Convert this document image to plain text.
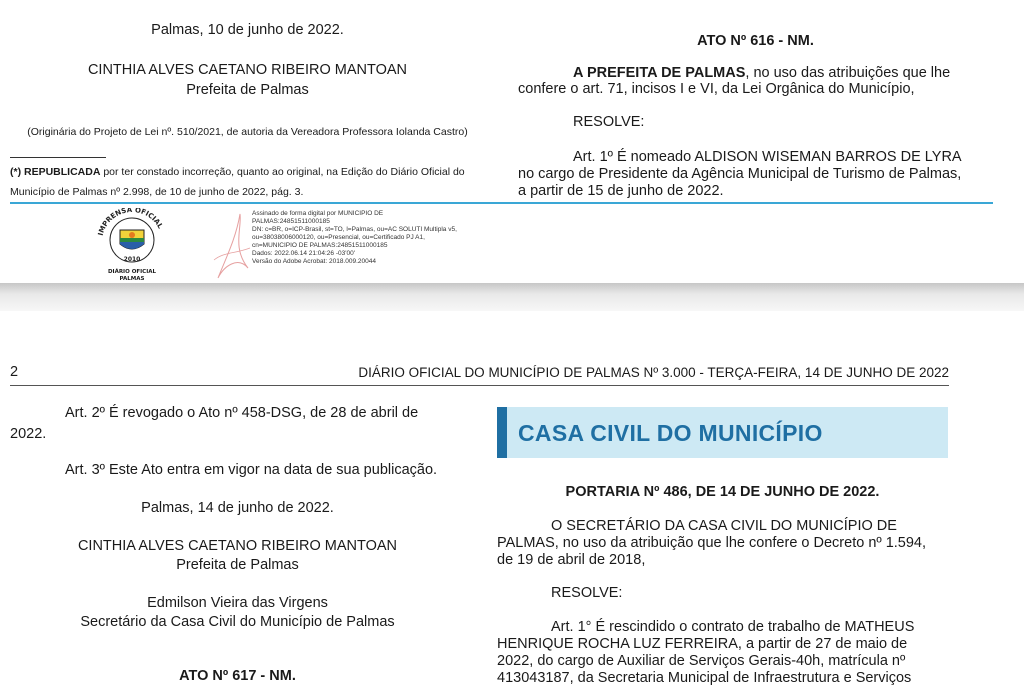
Palmas, 10 de junho de 2022.
CINTHIA ALVES CAETANO RIBEIRO MANTOAN
Prefeita de Palmas
(Originária do Projeto de Lei nº. 510/2021, de autoria da Vereadora Professora Iolanda Castro)
(*) REPUBLICADA por ter constado incorreção, quanto ao original, na Edição do Diário Oficial do
Município de Palmas nº 2.998, de 10 de junho de 2022, pág. 3.
ATO Nº 616 - NM.
A PREFEITA DE PALMAS, no uso das atribuições que lhe
confere o art. 71, incisos I e VI, da Lei Orgânica do Município,
RESOLVE:
Art. 1º É nomeado ALDISON WISEMAN BARROS DE LYRA
no cargo de Presidente da Agência Municipal de Turismo de Palmas,
a partir de 15 de junho de 2022.
IMPRENSA OFICIAL
2010
DIÁRIO OFICIAL
PALMAS
Assinado de forma digital por MUNICIPIO DE
PALMAS:24851511000185
DN: c=BR, o=ICP-Brasil, st=TO, l=Palmas, ou=AC SOLUTI Multipla v5,
ou=38038006000120, ou=Presencial, ou=Certificado PJ A1,
cn=MUNICIPIO DE PALMAS:24851511000185
Dados: 2022.06.14 21:04:26 -03'00'
Versão do Adobe Acrobat: 2018.009.20044
2	DIÁRIO OFICIAL DO MUNICÍPIO DE PALMAS Nº 3.000 - TERÇA-FEIRA, 14 DE JUNHO DE 2022
Art. 2º É revogado o Ato nº 458-DSG, de 28 de abril de
2022.
Art. 3º Este Ato entra em vigor na data de sua publicação.
Palmas, 14 de junho de 2022.
CINTHIA ALVES CAETANO RIBEIRO MANTOAN
Prefeita de Palmas
Edmilson Vieira das Virgens
Secretário da Casa Civil do Município de Palmas
ATO Nº 617 - NM.
CASA CIVIL DO MUNICÍPIO
PORTARIA Nº 486, DE 14 DE JUNHO DE 2022.
O SECRETÁRIO DA CASA CIVIL DO MUNICÍPIO DE
PALMAS, no uso da atribuição que lhe confere o Decreto nº 1.594,
de 19 de abril de 2018,
RESOLVE:
Art. 1° É rescindido o contrato de trabalho de MATHEUS
HENRIQUE ROCHA LUZ FERREIRA, a partir de 27 de maio de
2022, do cargo de Auxiliar de Serviços Gerais-40h, matrícula nº
413043187, da Secretaria Municipal de Infraestrutura e Serviços
